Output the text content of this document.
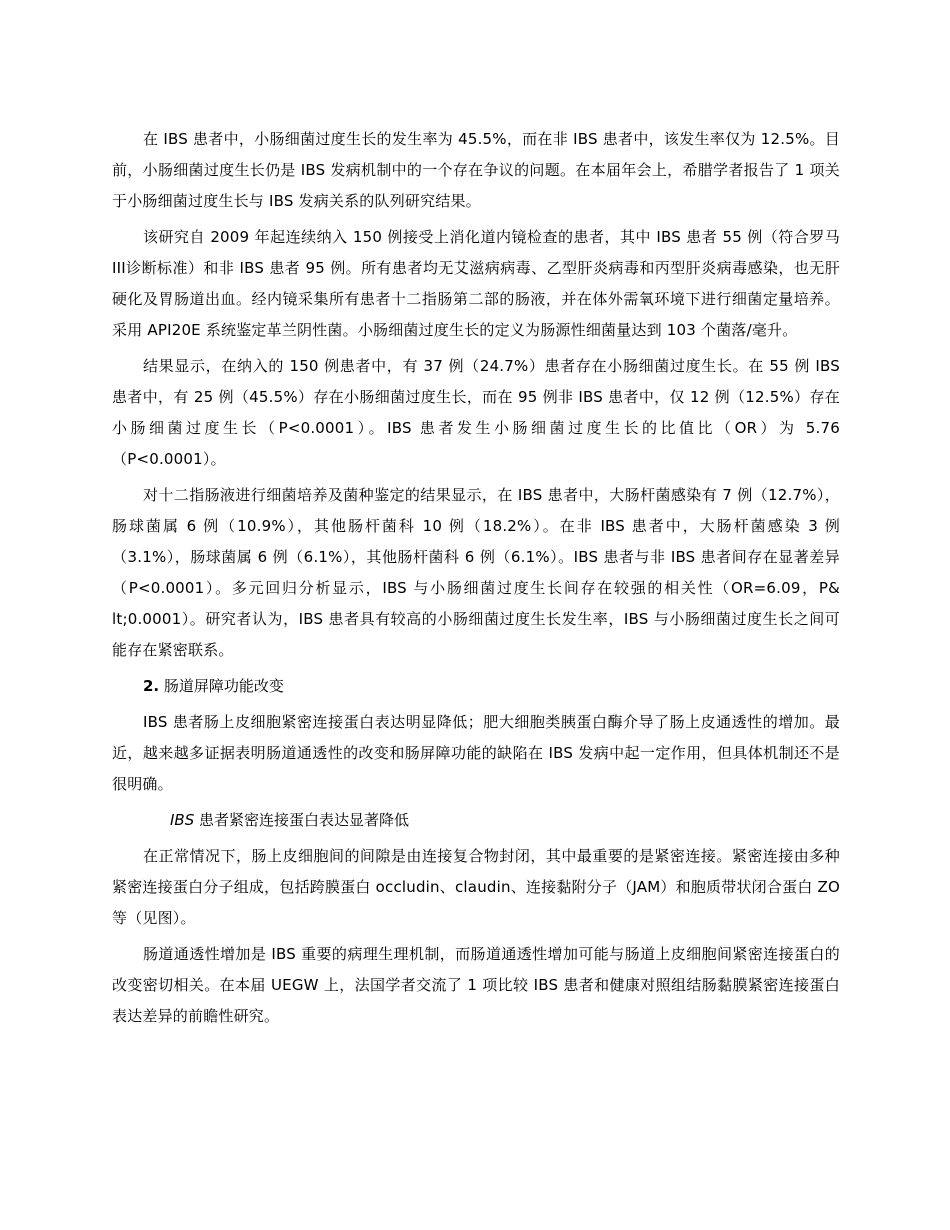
在 IBS 患者中，小肠细菌过度生长的发生率为 45.5%，而在非 IBS 患者中，该发生率仅为 12.5%。目前，小肠细菌过度生长仍是 IBS 发病机制中的一个存在争议的问题。在本届年会上，希腊学者报告了 1 项关于小肠细菌过度生长与 IBS 发病关系的队列研究结果。

该研究自 2009 年起连续纳入 150 例接受上消化道内镜检查的患者，其中 IBS 患者 55 例（符合罗马III诊断标准）和非 IBS 患者 95 例。所有患者均无艾滋病病毒、乙型肝炎病毒和丙型肝炎病毒感染，也无肝硬化及胃肠道出血。经内镜采集所有患者十二指肠第二部的肠液，并在体外需氧环境下进行细菌定量培养。采用 API20E 系统鉴定革兰阴性菌。小肠细菌过度生长的定义为肠源性细菌量达到 103 个菌落/毫升。

结果显示，在纳入的 150 例患者中，有 37 例（24.7%）患者存在小肠细菌过度生长。在 55 例 IBS 患者中，有 25 例（45.5%）存在小肠细菌过度生长，而在 95 例非 IBS 患者中，仅 12 例（12.5%）存在小肠细菌过度生长（P<0.0001）。IBS 患者发生小肠细菌过度生长的比值比（OR）为 5.76（P<0.0001）。

对十二指肠液进行细菌培养及菌种鉴定的结果显示，在 IBS 患者中，大肠杆菌感染有 7 例（12.7%），肠球菌属 6 例（10.9%），其他肠杆菌科 10 例（18.2%）。在非 IBS 患者中，大肠杆菌感染 3 例（3.1%），肠球菌属 6 例（6.1%），其他肠杆菌科 6 例（6.1%）。IBS 患者与非 IBS 患者间存在显著差异（P<0.0001）。多元回归分析显示，IBS 与小肠细菌过度生长间存在较强的相关性（OR=6.09，P& lt;0.0001）。研究者认为，IBS 患者具有较高的小肠细菌过度生长发生率，IBS 与小肠细菌过度生长之间可能存在紧密联系。

2. 肠道屏障功能改变

IBS 患者肠上皮细胞紧密连接蛋白表达明显降低；肥大细胞类胰蛋白酶介导了肠上皮通透性的增加。最近，越来越多证据表明肠道通透性的改变和肠屏障功能的缺陷在 IBS 发病中起一定作用，但具体机制还不是很明确。

IBS 患者紧密连接蛋白表达显著降低

在正常情况下，肠上皮细胞间的间隙是由连接复合物封闭，其中最重要的是紧密连接。紧密连接由多种紧密连接蛋白分子组成，包括跨膜蛋白 occludin、claudin、连接黏附分子（JAM）和胞质带状闭合蛋白 ZO 等（见图）。

肠道通透性增加是 IBS 重要的病理生理机制，而肠道通透性增加可能与肠道上皮细胞间紧密连接蛋白的改变密切相关。在本届 UEGW 上，法国学者交流了 1 项比较 IBS 患者和健康对照组结肠黏膜紧密连接蛋白表达差异的前瞻性研究。
